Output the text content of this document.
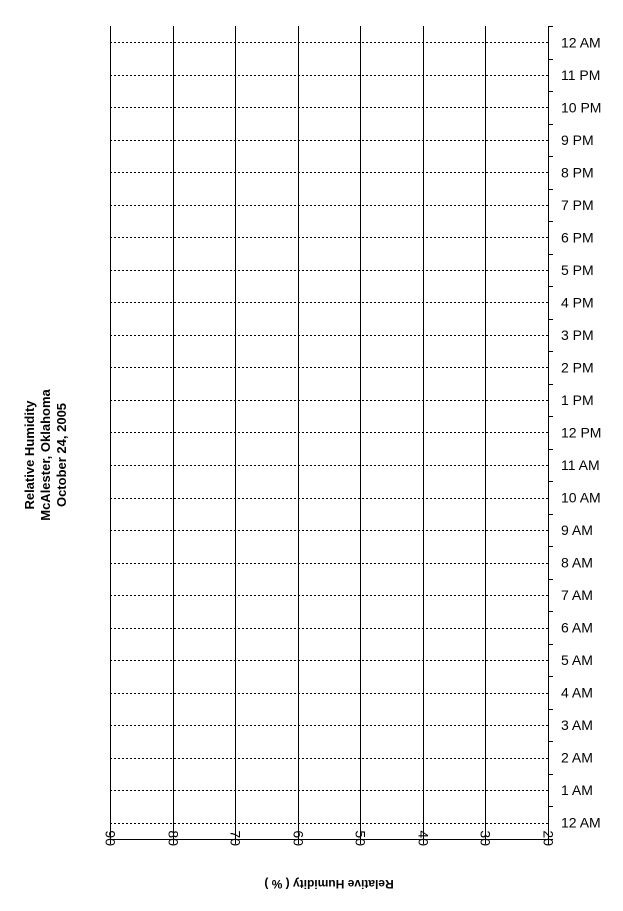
Relative Humidity McAlester, Oklahoma October 24, 2005
12 AM
1 AM
2 AM
3 AM
4 AM
5 AM
6 AM
7 AM
8 AM
9 AM
10 AM
11 AM
12 PM
1 PM
2 PM
3 PM
4 PM
5 PM
6 PM
7 PM
8 PM
9 PM
10 PM
11 PM
12 AM
90	80	70	60	50	40	30	20
Relative Humidity ( % )
